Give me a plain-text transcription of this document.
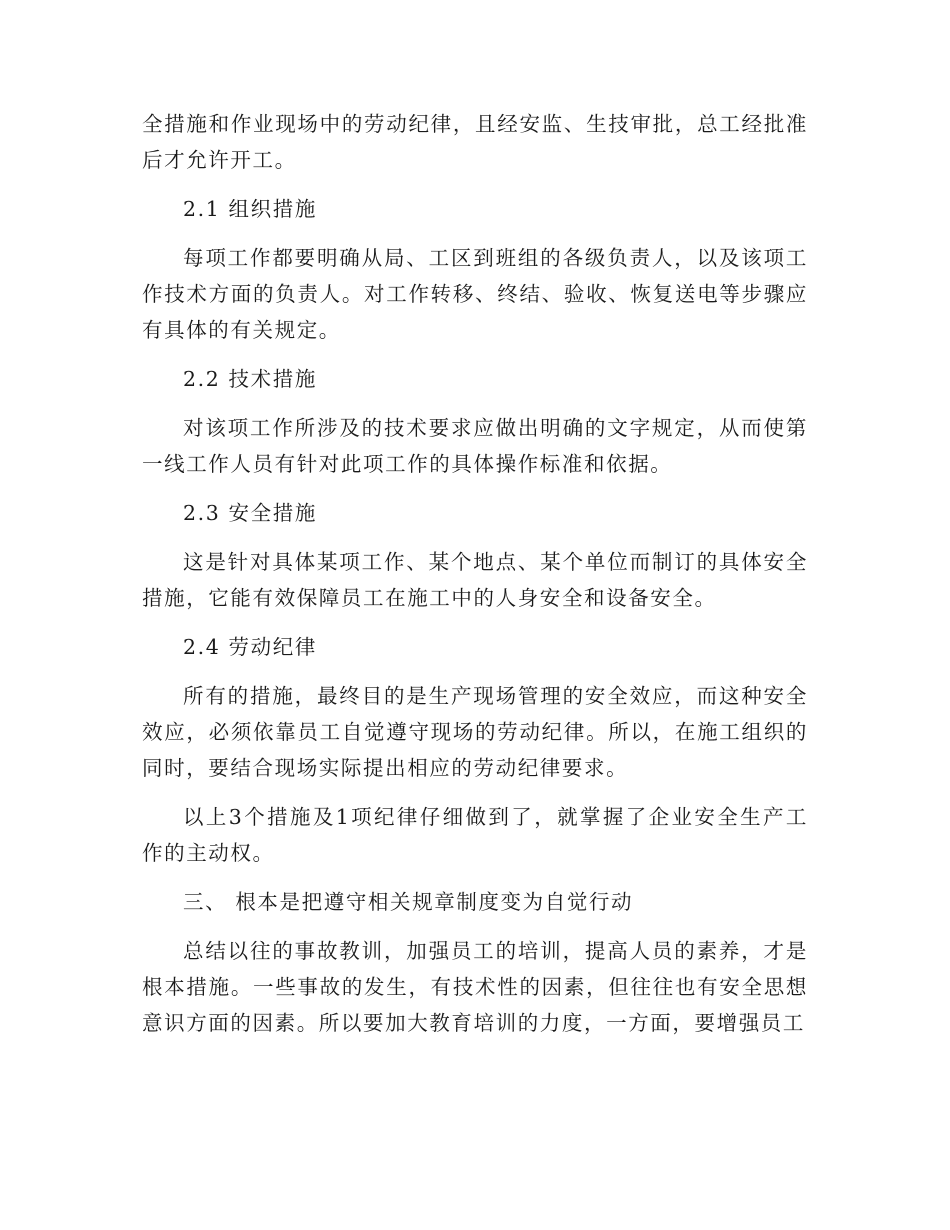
全措施和作业现场中的劳动纪律，且经安监、生技审批，总工经批准后才允许开工。

2.1 组织措施

每项工作都要明确从局、工区到班组的各级负责人，以及该项工作技术方面的负责人。对工作转移、终结、验收、恢复送电等步骤应有具体的有关规定。

2.2 技术措施

对该项工作所涉及的技术要求应做出明确的文字规定，从而使第一线工作人员有针对此项工作的具体操作标准和依据。

2.3 安全措施

这是针对具体某项工作、某个地点、某个单位而制订的具体安全措施，它能有效保障员工在施工中的人身安全和设备安全。

2.4 劳动纪律

所有的措施，最终目的是生产现场管理的安全效应，而这种安全效应，必须依靠员工自觉遵守现场的劳动纪律。所以，在施工组织的同时，要结合现场实际提出相应的劳动纪律要求。

以上3个措施及1项纪律仔细做到了，就掌握了企业安全生产工作的主动权。

三、 根本是把遵守相关规章制度变为自觉行动

总结以往的事故教训，加强员工的培训，提高人员的素养，才是根本措施。一些事故的发生，有技术性的因素，但往往也有安全思想意识方面的因素。所以要加大教育培训的力度，一方面，要增强员工
